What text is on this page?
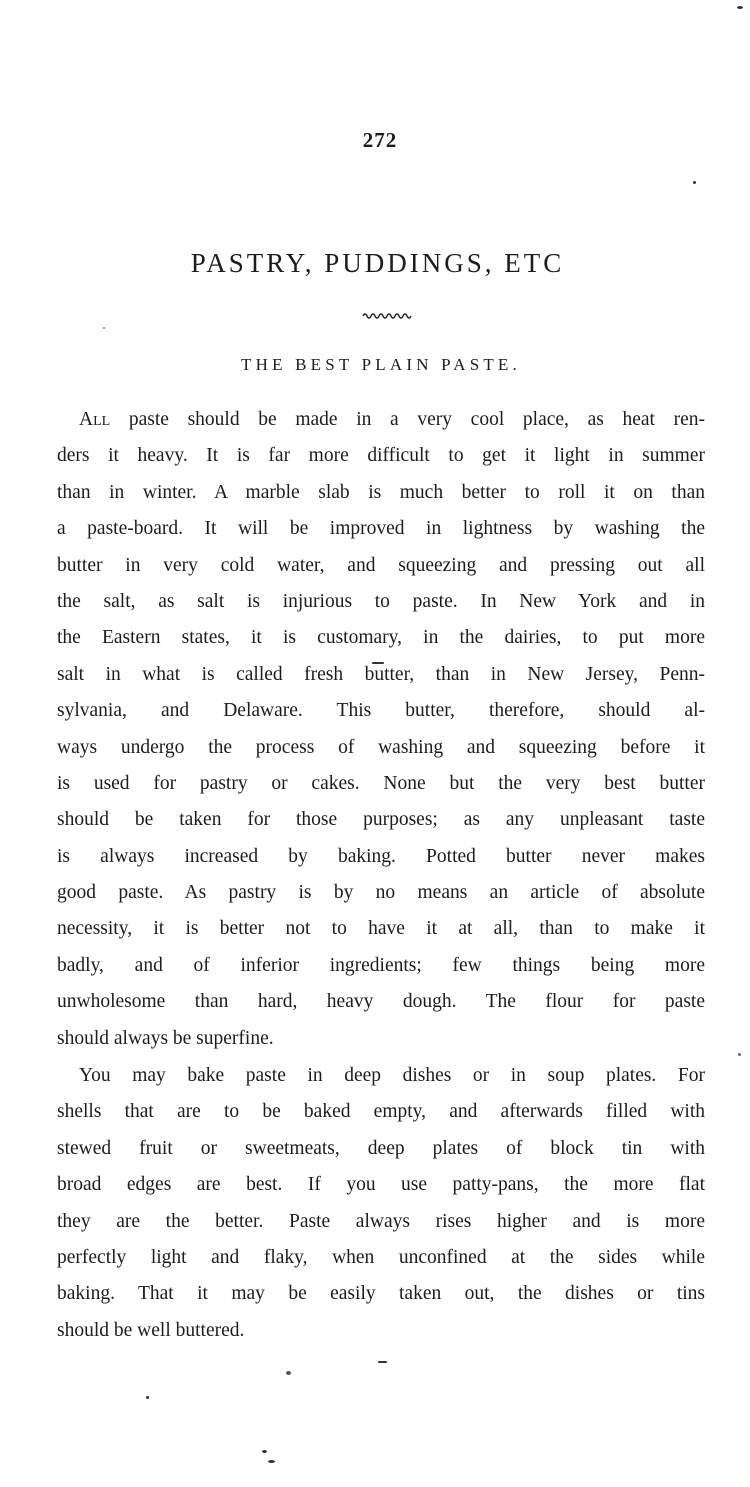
272
PASTRY, PUDDINGS, ETC
THE BEST PLAIN PASTE.
All paste should be made in a very cool place, as heat ren-
ders it heavy. It is far more difficult to get it light in summer
than in winter. A marble slab is much better to roll it on than
a paste-board. It will be improved in lightness by washing the
butter in very cold water, and squeezing and pressing out all
the salt, as salt is injurious to paste. In New York and in
the Eastern states, it is customary, in the dairies, to put more
salt in what is called fresh butter, than in New Jersey, Penn-
sylvania, and Delaware. This butter, therefore, should al-
ways undergo the process of washing and squeezing before it
is used for pastry or cakes. None but the very best butter
should be taken for those purposes; as any unpleasant taste
is always increased by baking. Potted butter never makes
good paste. As pastry is by no means an article of absolute
necessity, it is better not to have it at all, than to make it
badly, and of inferior ingredients; few things being more
unwholesome than hard, heavy dough. The flour for paste
should always be superfine.
You may bake paste in deep dishes or in soup plates. For
shells that are to be baked empty, and afterwards filled with
stewed fruit or sweetmeats, deep plates of block tin with
broad edges are best. If you use patty-pans, the more flat
they are the better. Paste always rises higher and is more
perfectly light and flaky, when unconfined at the sides while
baking. That it may be easily taken out, the dishes or tins
should be well buttered.
